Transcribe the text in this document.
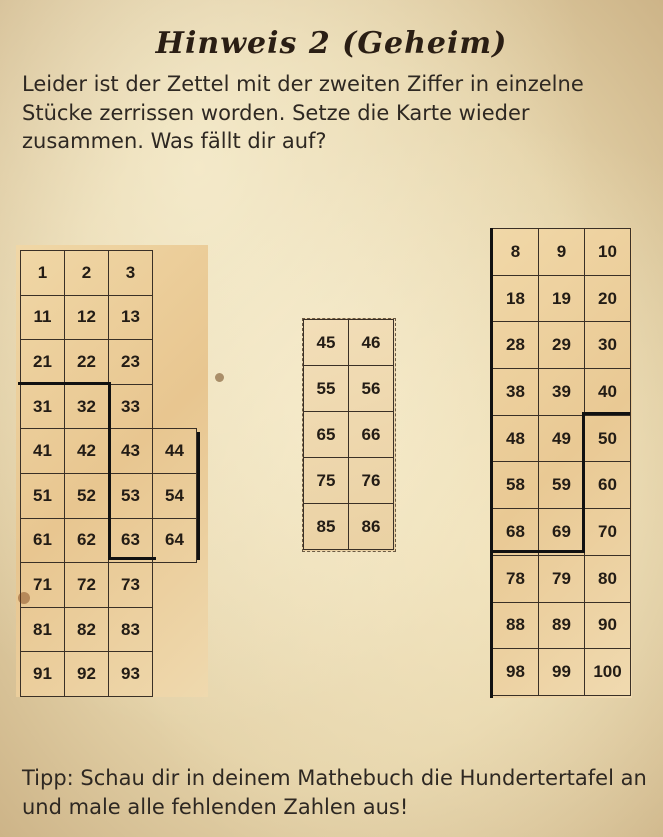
Hinweis 2 (Geheim)
Leider ist der Zettel mit der zweiten Ziffer in einzelne Stücke zerrissen worden. Setze die Karte wieder zusammen. Was fällt dir auf?
1	2	3	
11	12	13	
21	22	23	
31	32	33	
41	42	43	44
51	52	53	54
61	62	63	64
71	72	73	
81	82	83	
91	92	93	
45	46
55	56
65	66
75	76
85	86
8	9	10
18	19	20
28	29	30
38	39	40
48	49	50
58	59	60
68	69	70
78	79	80
88	89	90
98	99	100
Tipp: Schau dir in deinem Mathebuch die Hundertertafel an und male alle fehlenden Zahlen aus!
